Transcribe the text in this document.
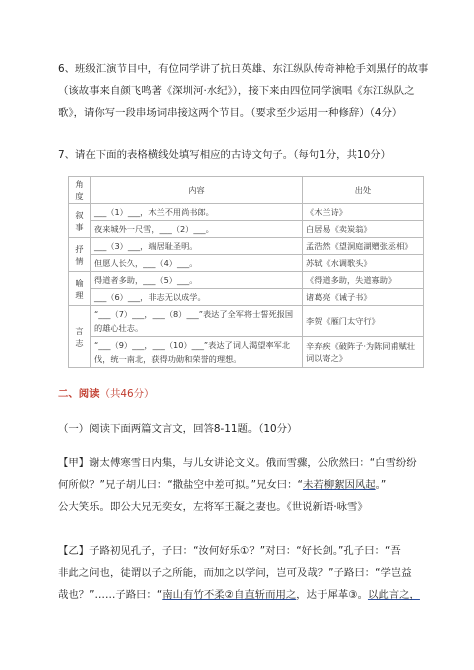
6、班级汇演节目中，有位同学讲了抗日英雄、东江纵队传奇神枪手刘黑仔的故事
（该故事来自颜飞鸣著《深圳河·水纪》），接下来由四位同学演唱《东江纵队之
歌》，请你写一段串场词串接这两个节目。（要求至少运用一种修辞）（4分）
7、请在下面的表格横线处填写相应的古诗文句子。（每句1分，共10分）
角度	内容	出处
叙事	___（1）___，木兰不用尚书郎。	《木兰诗》
	夜来城外一尺雪，___（2）___。	白居易《卖炭翁》
抒情	___（3）___，端居耻圣明。	孟浩然《望洞庭湖赠张丞相》
	但愿人长久，___（4）___。	苏轼《水调歌头》
喻理	得道者多助，___（5）___。	《得道多助，失道寡助》
	___（6）___，非志无以成学。	诸葛亮《诫子书》
言志	“___（7）___，___（8）___”表达了全军将士誓死报国的雄心壮志。	李贺《雁门太守行》
	“___（9）___，___（10）___”表达了词人渴望率军北伐，统一南北，获得功勋和荣誉的理想。	辛弃疾《破阵子·为陈同甫赋壮词以寄之》
二、阅读（共46分）
（一）阅读下面两篇文言文，回答8-11题。（10分）
【甲】谢太傅寒雪日内集，与儿女讲论文义。俄而雪骤，公欣然曰：“白雪纷纷
何所似？”兄子胡儿曰：“撒盐空中差可拟。”兄女曰：“未若柳絮因风起。”
公大笑乐。即公大兄无奕女，左将军王凝之妻也。《世说新语·咏雪》
【乙】子路初见孔子，子曰：“汝何好乐①？”对曰：“好长剑。”孔子曰：“吾
非此之问也，徒谓以子之所能，而加之以学问，岂可及哉？”子路曰：“学岂益
哉也？”……子路曰：“南山有竹不柔②自直斩而用之，达于犀革③。以此言之，
